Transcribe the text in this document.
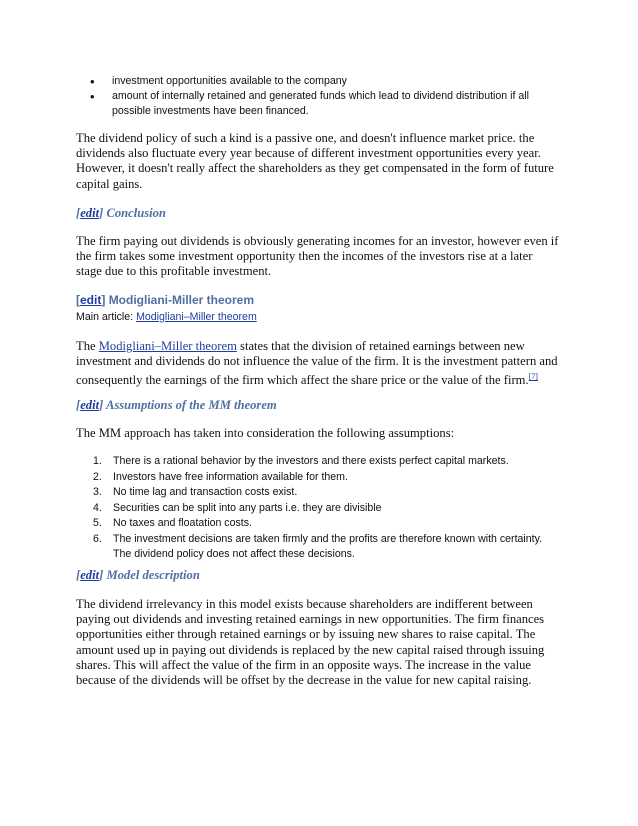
• investment opportunities available to the company
• amount of internally retained and generated funds which lead to dividend distribution if all possible investments have been financed.

The dividend policy of such a kind is a passive one, and doesn't influence market price. the dividends also fluctuate every year because of different investment opportunities every year. However, it doesn't really affect the shareholders as they get compensated in the form of future capital gains.

[edit] Conclusion

The firm paying out dividends is obviously generating incomes for an investor, however even if the firm takes some investment opportunity then the incomes of the investors rise at a later stage due to this profitable investment.

[edit] Modigliani-Miller theorem

Main article: Modigliani–Miller theorem

The Modigliani–Miller theorem states that the division of retained earnings between new investment and dividends do not influence the value of the firm. It is the investment pattern and consequently the earnings of the firm which affect the share price or the value of the firm.[7]

[edit] Assumptions of the MM theorem

The MM approach has taken into consideration the following assumptions:

1. There is a rational behavior by the investors and there exists perfect capital markets.
2. Investors have free information available for them.
3. No time lag and transaction costs exist.
4. Securities can be split into any parts i.e. they are divisible
5. No taxes and floatation costs.
6. The investment decisions are taken firmly and the profits are therefore known with certainty. The dividend policy does not affect these decisions.
[edit] Model description

The dividend irrelevancy in this model exists because shareholders are indifferent between paying out dividends and investing retained earnings in new opportunities. The firm finances opportunities either through retained earnings or by issuing new shares to raise capital. The amount used up in paying out dividends is replaced by the new capital raised through issuing shares. This will affect the value of the firm in an opposite ways. The increase in the value because of the dividends will be offset by the decrease in the value for new capital raising.
